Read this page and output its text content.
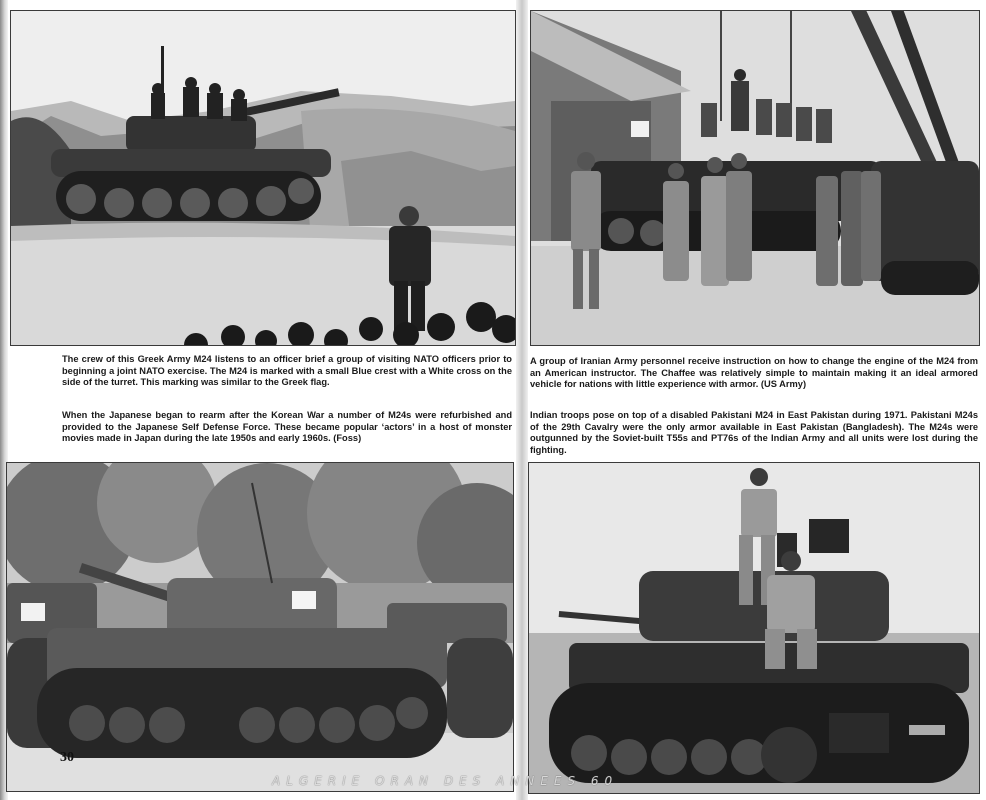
The crew of this Greek Army M24 listens to an officer brief a group of visiting NATO officers prior to beginning a joint NATO exercise. The M24 is marked with a small Blue crest with a White cross on the side of the turret. This marking was similar to the Greek flag.
When the Japanese began to rearm after the Korean War a number of M24s were refurbished and provided to the Japanese Self Defense Force. These became popular ‘actors’ in a host of monster movies made in Japan during the late 1950s and early 1960s. (Foss)
A group of Iranian Army personnel receive instruction on how to change the engine of the M24 from an American instructor. The Chaffee was relatively simple to maintain making it an ideal armored vehicle for nations with little experience with armor. (US Army)
Indian troops pose on top of a disabled Pakistani M24 in East Pakistan during 1971. Pakistani M24s of the 29th Cavalry were the only armor available in East Pakistan (Bangladesh). The M24s were outgunned by the Soviet-built T55s and PT76s of the Indian Army and all units were lost during the fighting.
30
ALGERIE ORAN DES ANNEES 60
